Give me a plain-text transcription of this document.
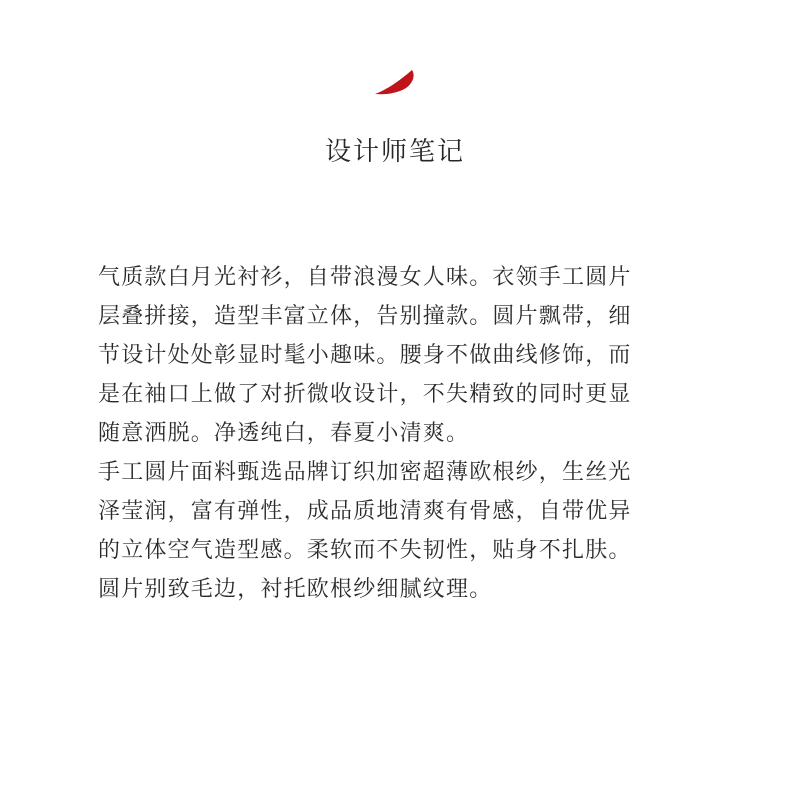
设计师笔记

气质款白月光衬衫，自带浪漫女人味。衣领手工圆片
层叠拼接，造型丰富立体，告别撞款。圆片飘带，细
节设计处处彰显时髦小趣味。腰身不做曲线修饰，而
是在袖口上做了对折微收设计，不失精致的同时更显
随意洒脱。净透纯白，春夏小清爽。

手工圆片面料甄选品牌订织加密超薄欧根纱，生丝光
泽莹润，富有弹性，成品质地清爽有骨感，自带优异
的立体空气造型感。柔软而不失韧性，贴身不扎肤。
圆片别致毛边，衬托欧根纱细腻纹理。
